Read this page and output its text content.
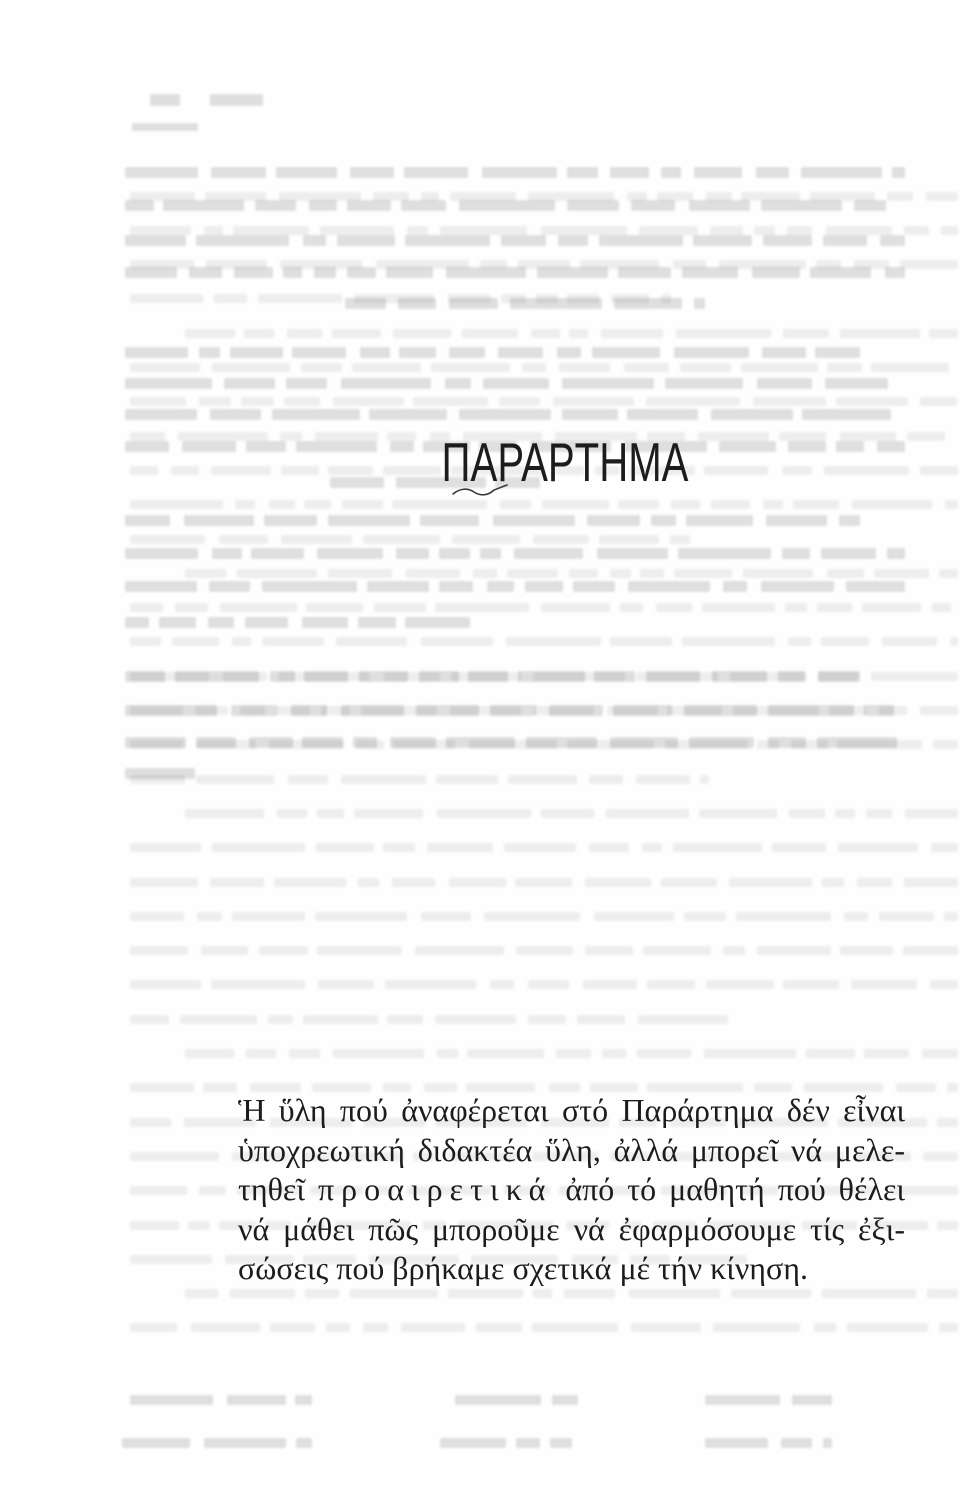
ΠΑΡΑΡΤΗΜΑ
Ἡ ὕλη πού ἀναφέρεται στό Παράρτημα δέν εἶναι
ὑποχρεωτική διδακτέα ὕλη, ἀλλά μπορεῖ νά μελε-
τηθεῖ προαιρετικά ἀπό τό μαθητή πού θέλει
νά μάθει πῶς μποροῦμε νά ἐφαρμόσουμε τίς ἐξι-
σώσεις πού βρήκαμε σχετικά μέ τήν κίνηση.
